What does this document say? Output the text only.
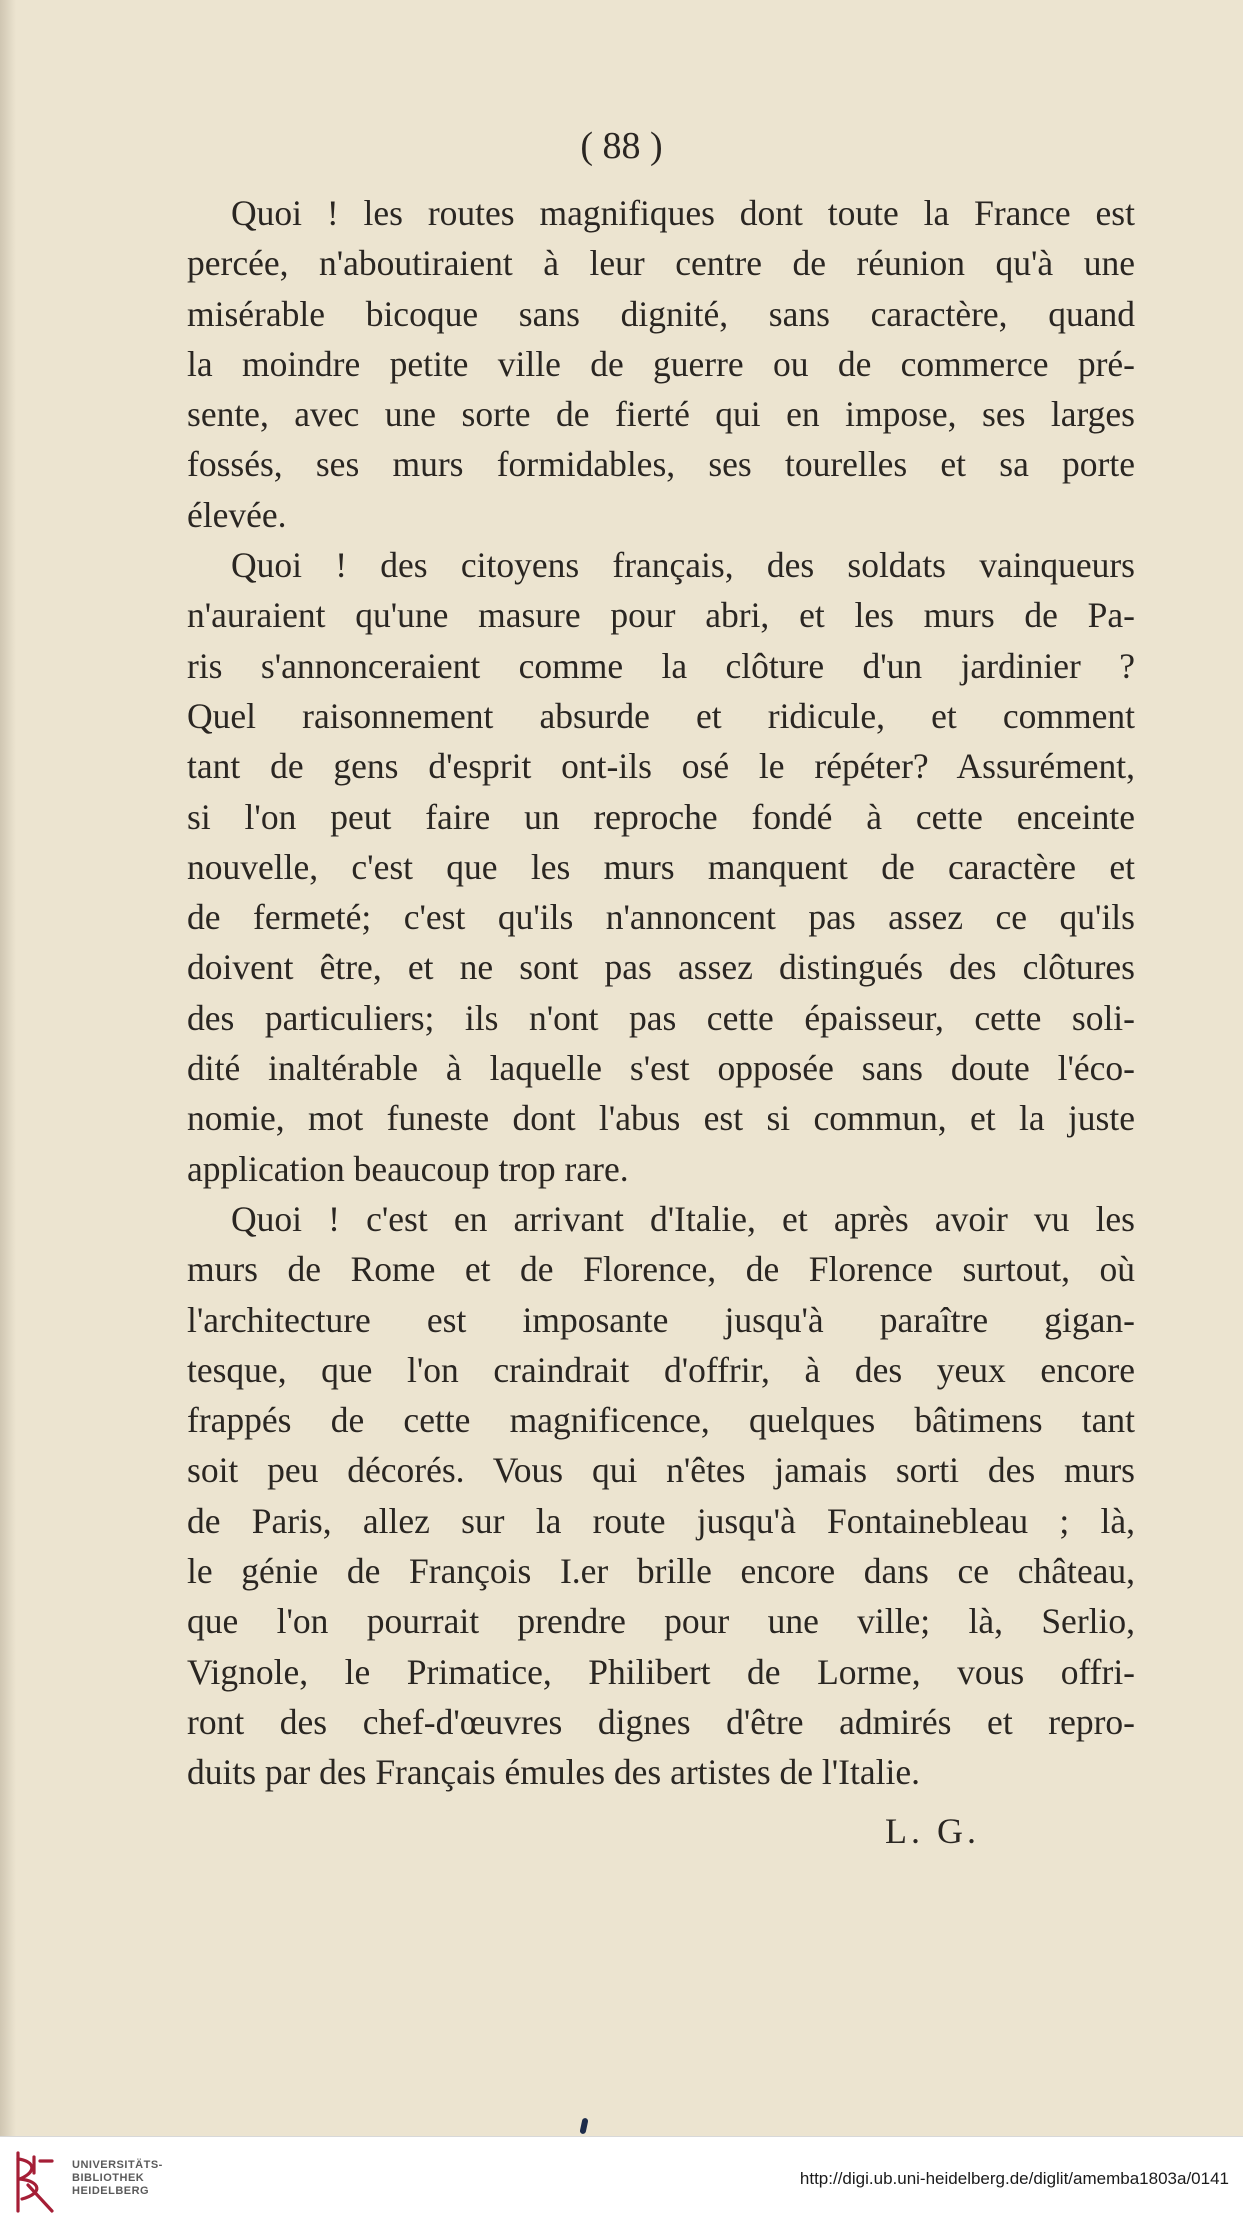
( 88 )
Quoi ! les routes magnifiques dont toute la France est
percée, n'aboutiraient à leur centre de réunion qu'à une
misérable bicoque sans dignité, sans caractère, quand
la moindre petite ville de guerre ou de commerce pré-
sente, avec une sorte de fierté qui en impose, ses larges
fossés, ses murs formidables, ses tourelles et sa porte
élevée.
Quoi ! des citoyens français, des soldats vainqueurs
n'auraient qu'une masure pour abri, et les murs de Pa-
ris s'annonceraient comme la clôture d'un jardinier ?
Quel raisonnement absurde et ridicule, et comment
tant de gens d'esprit ont-ils osé le répéter? Assurément,
si l'on peut faire un reproche fondé à cette enceinte
nouvelle, c'est que les murs manquent de caractère et
de fermeté; c'est qu'ils n'annoncent pas assez ce qu'ils
doivent être, et ne sont pas assez distingués des clôtures
des particuliers; ils n'ont pas cette épaisseur, cette soli-
dité inaltérable à laquelle s'est opposée sans doute l'éco-
nomie, mot funeste dont l'abus est si commun, et la juste
application beaucoup trop rare.
Quoi ! c'est en arrivant d'Italie, et après avoir vu les
murs de Rome et de Florence, de Florence surtout, où
l'architecture est imposante jusqu'à paraître gigan-
tesque, que l'on craindrait d'offrir, à des yeux encore
frappés de cette magnificence, quelques bâtimens tant
soit peu décorés. Vous qui n'êtes jamais sorti des murs
de Paris, allez sur la route jusqu'à Fontainebleau ; là,
le génie de François I.er brille encore dans ce château,
que l'on pourrait prendre pour une ville; là, Serlio,
Vignole, le Primatice, Philibert de Lorme, vous offri-
ront des chef-d'œuvres dignes d'être admirés et repro-
duits par des Français émules des artistes de l'Italie.
L. G.
UNIVERSITÄTS-
BIBLIOTHEK
HEIDELBERG
http://digi.ub.uni-heidelberg.de/diglit/amemba1803a/0141
